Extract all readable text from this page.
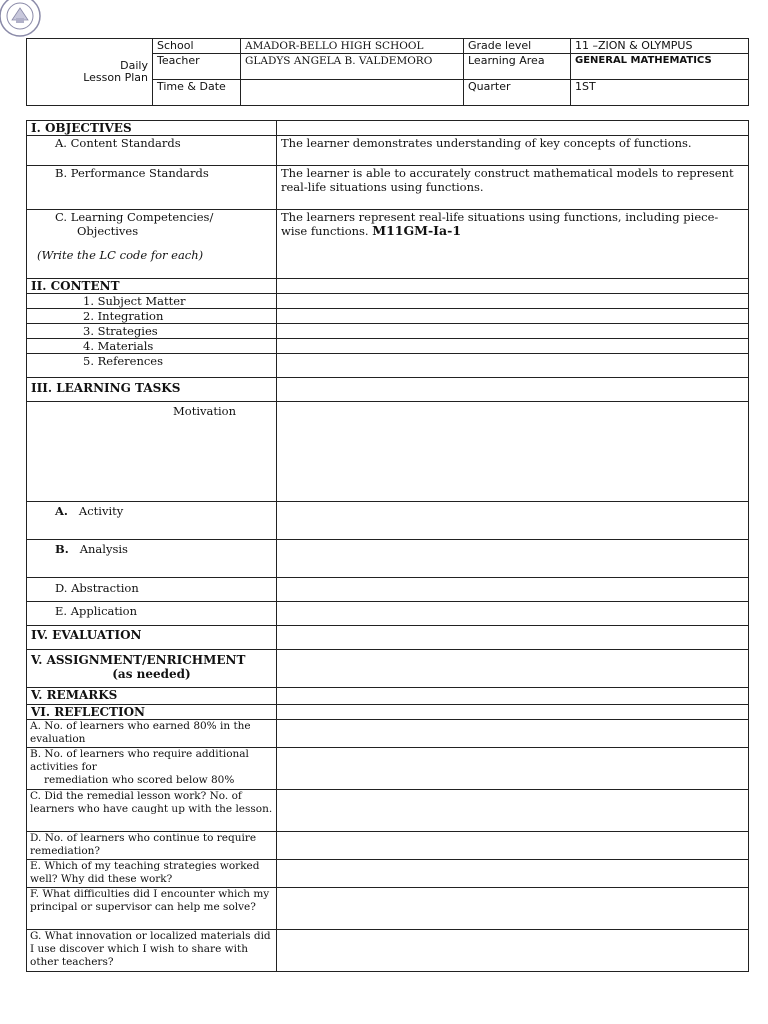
Daily
Lesson Plan	School	AMADOR-BELLO HIGH SCHOOL	Grade level	11 –ZION & OLYMPUS
	Teacher	GLADYS ANGELA B. VALDEMORO	Learning Area	GENERAL MATHEMATICS
	Time & Date		Quarter	1ST
I. OBJECTIVES	
A. Content Standards	The learner demonstrates understanding of key concepts of functions.
B. Performance Standards	The learner is able to accurately construct mathematical models to represent real-life situations using functions.

C. Learning Competencies/
Objectives
(Write the LC code for each)	The learners represent real-life situations using functions, including piece-wise functions. M11GM-Ia-1
II. CONTENT	
1. Subject Matter	
2. Integration	
3. Strategies	
4. Materials	
5. References	
III. LEARNING TASKS	
Motivation	
A. Activity	
B. Analysis	
D. Abstraction	
E. Application	
IV. EVALUATION	

V. ASSIGNMENT/ENRICHMENT
(as needed)	

V. REMARKS	
VI. REFLECTION	
A. No. of learners who earned 80% in the evaluation	

B. No. of learners who require additional activities for
remediation who scored below 80%	

C. Did the remedial lesson work? No. of learners who have caught up with the lesson.	
D. No. of learners who continue to require remediation?	
E. Which of my teaching strategies worked well? Why did these work?	
F. What difficulties did I encounter which my principal or supervisor can help me solve?	
G. What innovation or localized materials did I use discover which I wish to share with other teachers?	
